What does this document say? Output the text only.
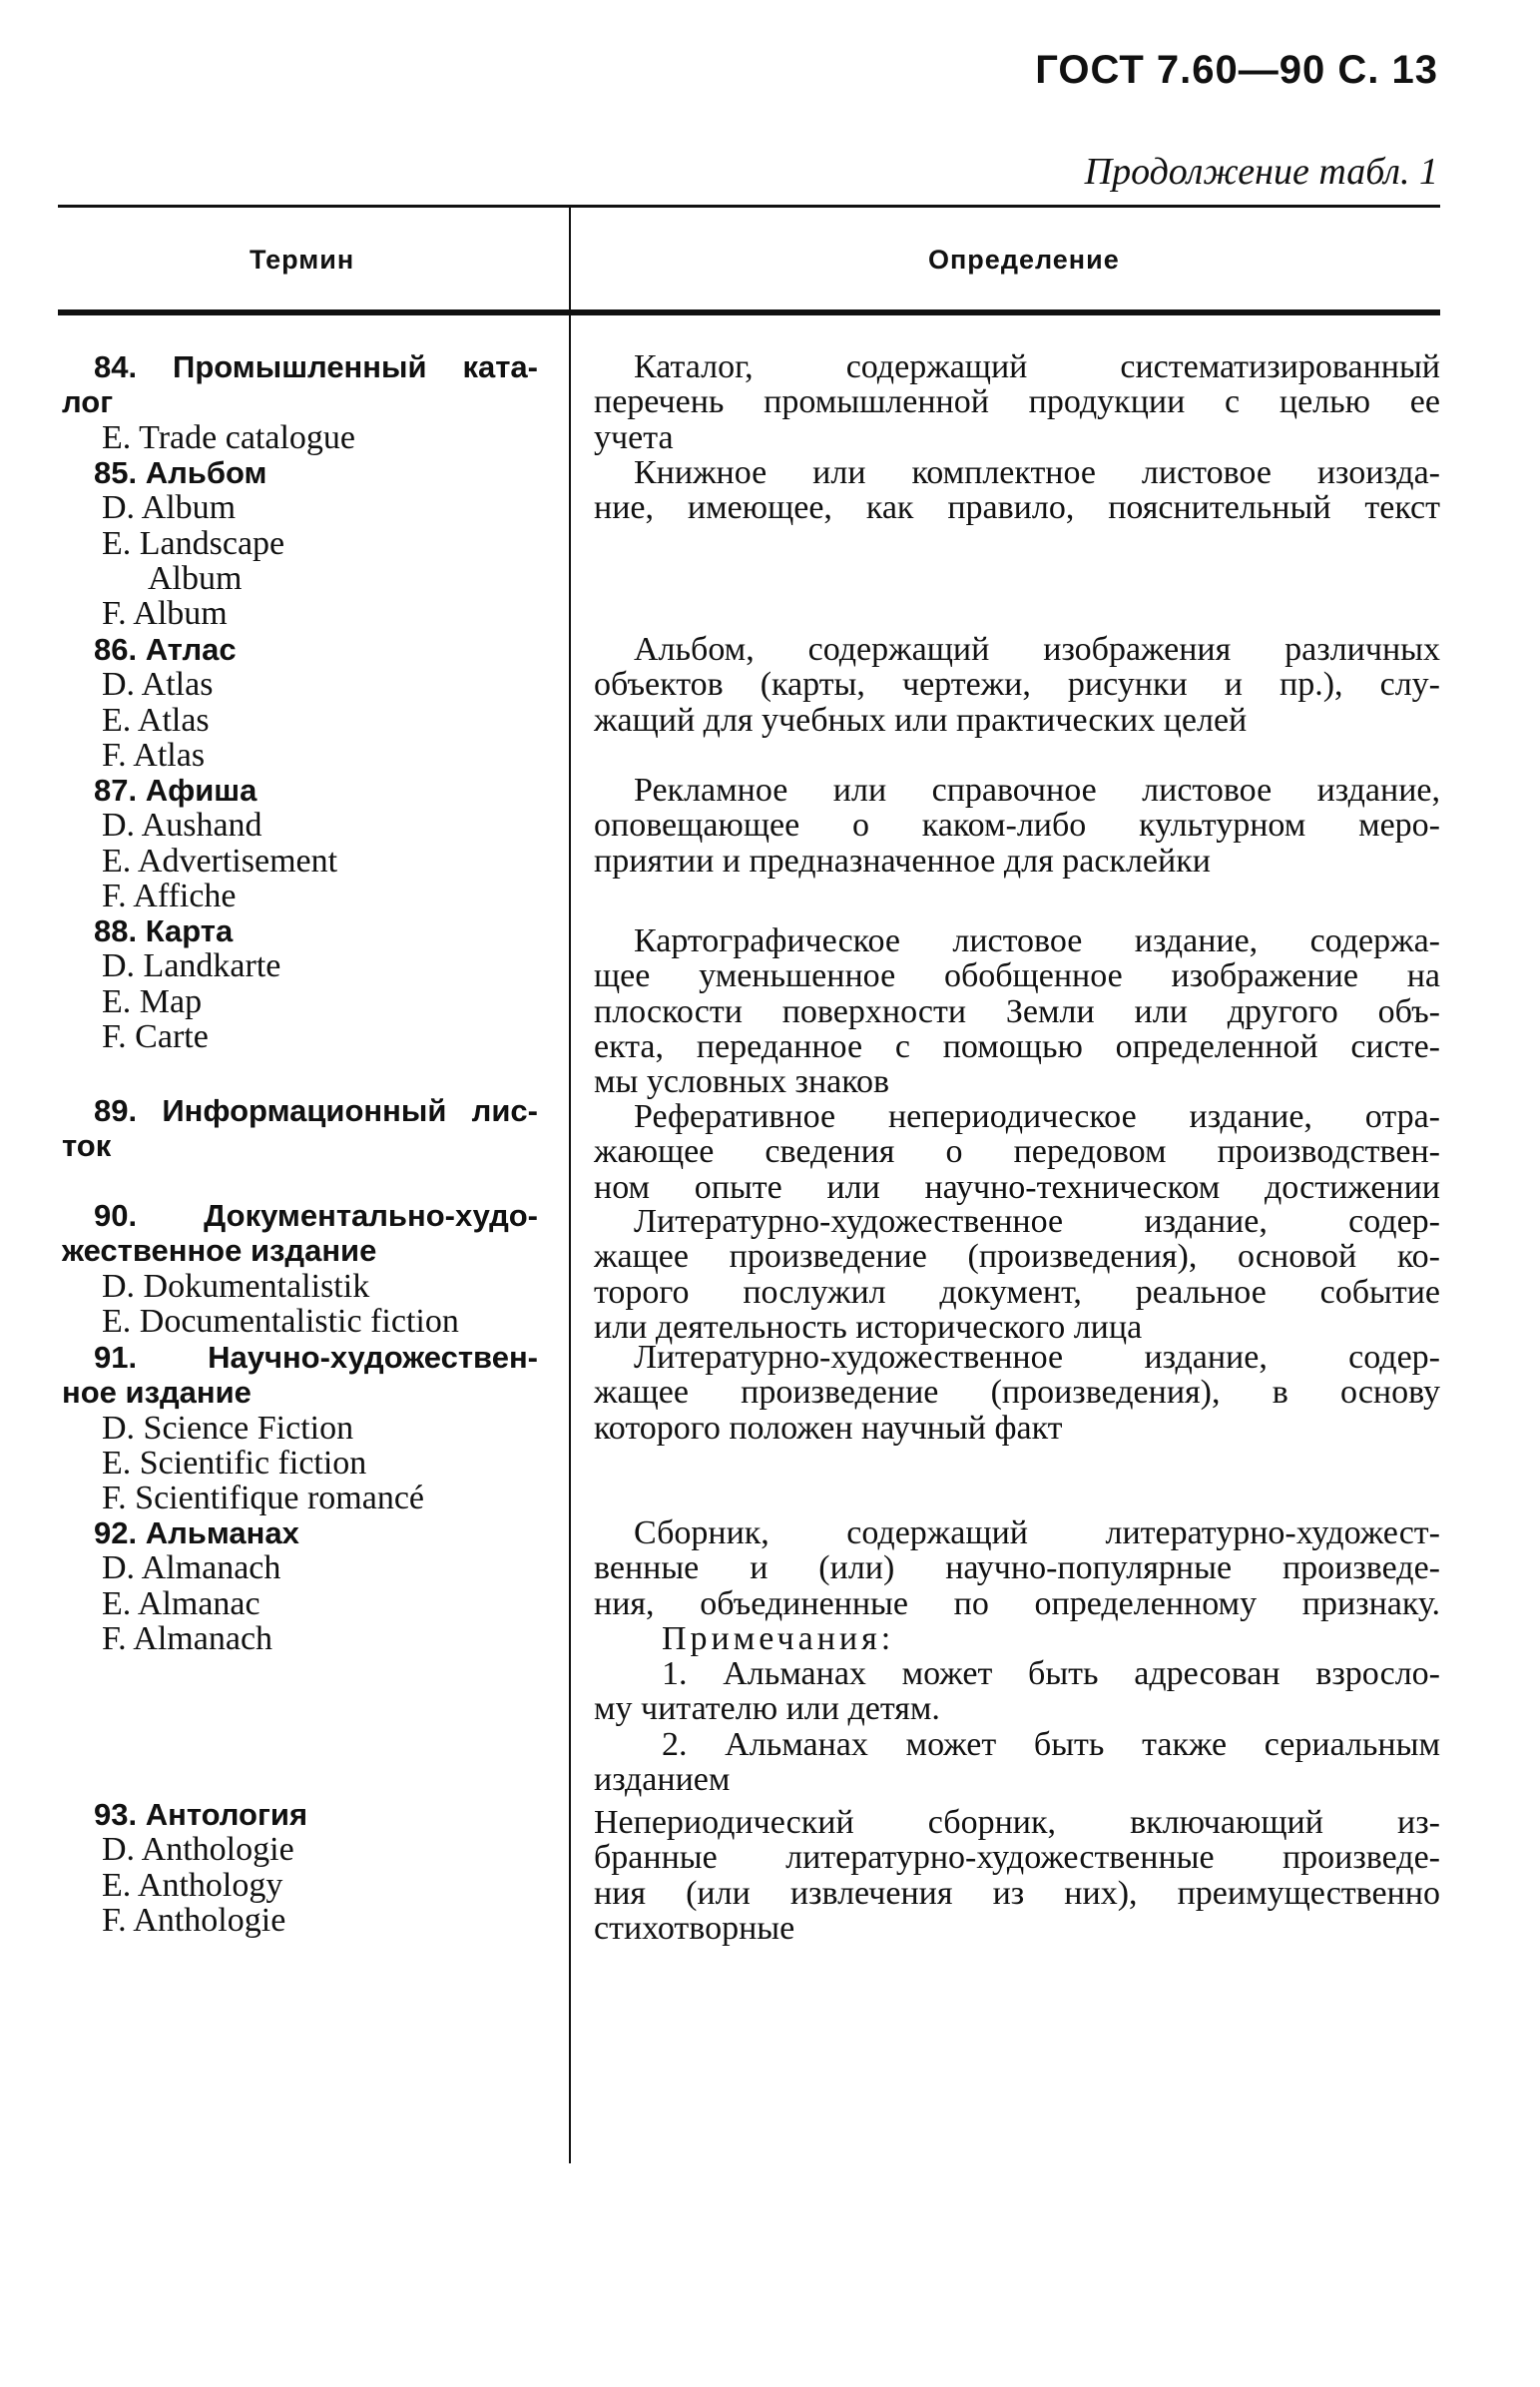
ГОСТ 7.60—90 С. 13
Продолжение табл. 1
Термин	Определение
84. Промышленный ката-
лог
E. Trade catalogue
Каталог, содержащий систематизированный
перечень промышленной продукции с целью ее
учета
85. Альбом
D. Album
E. Landscape
Album
F. Album
Книжное или комплектное листовое изоизда-
ние, имеющее, как правило, пояснительный текст
86. Атлас
D. Atlas
E. Atlas
F. Atlas
Альбом, содержащий изображения различных
объектов (карты, чертежи, рисунки и пр.), слу-
жащий для учебных или практических целей
87. Афиша
D. Aushand
E. Advertisement
F. Affiche
Рекламное или справочное листовое издание,
оповещающее о каком-либо культурном меро-
приятии и предназначенное для расклейки
88. Карта
D. Landkarte
E. Map
F. Carte
Картографическое листовое издание, содержа-
щее уменьшенное обобщенное изображение на
плоскости поверхности Земли или другого объ-
екта, переданное с помощью определенной систе-
мы условных знаков
89. Информационный лис-
ток
Реферативное непериодическое издание, отра-
жающее сведения о передовом производствен-
ном опыте или научно-техническом достижении
90. Документально-худо-
жественное издание
D. Dokumentalistik
E. Documentalistic fiction
Литературно-художественное издание, содер-
жащее произведение (произведения), основой ко-
торого послужил документ, реальное событие
или деятельность исторического лица
91. Научно-художествен-
ное издание
D. Science Fiction
E. Scientific fiction
F. Scientifique romancé
Литературно-художественное издание, содер-
жащее произведение (произведения), в основу
которого положен научный факт
92. Альманах
D. Almanach
E. Almanac
F. Almanach
Сборник, содержащий литературно-художест-
венные и (или) научно-популярные произведе-
ния, объединенные по определенному признаку.
Примечания:
1. Альманах может быть адресован взросло-
му читателю или детям.
2. Альманах может быть также сериальным
изданием
93. Антология
D. Anthologie
E. Anthology
F. Anthologie
Непериодический сборник, включающий из-
бранные литературно-художественные произведе-
ния (или извлечения из них), преимущественно
стихотворные
